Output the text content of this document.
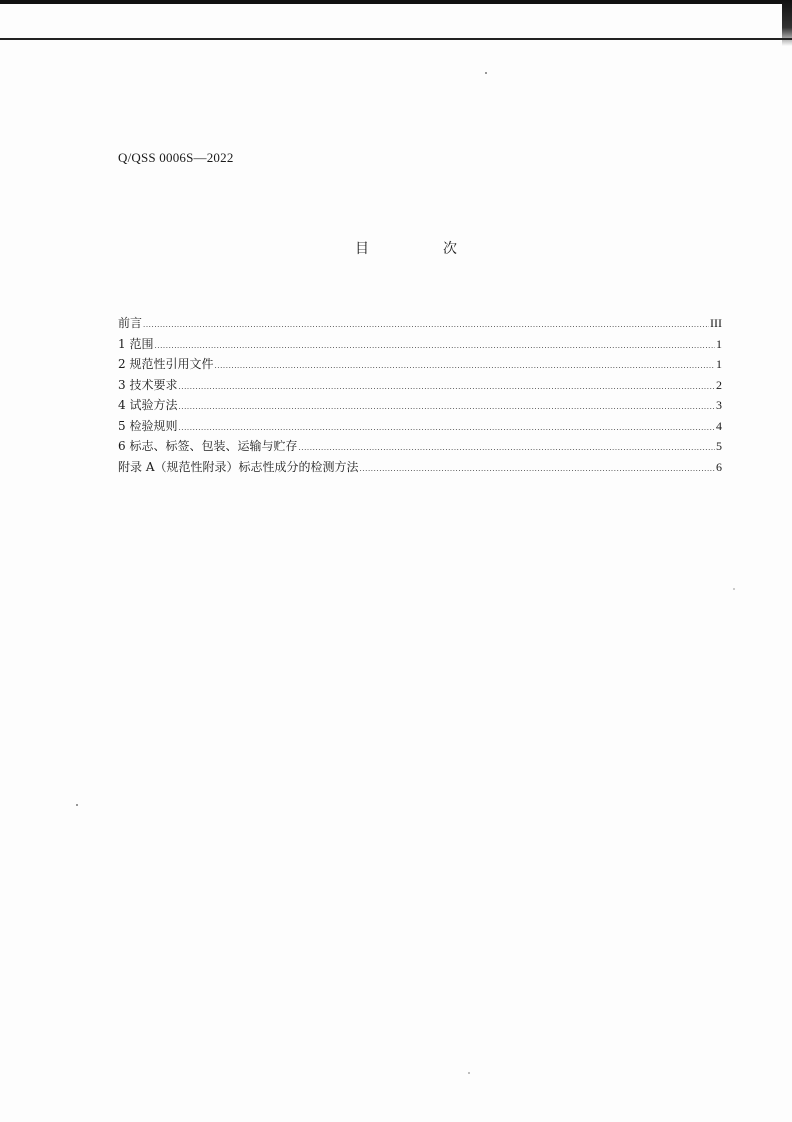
Q/QSS 0006S—2022
目　次
前言 .....	III
1 范围 .....	1
2 规范性引用文件 .....	1
3 技术要求 .....	2
4 试验方法 .....	3
5 检验规则 .....	4
6 标志、标签、包装、运输与贮存 .....	5
附录 A（规范性附录）标志性成分的检测方法 .....	6
